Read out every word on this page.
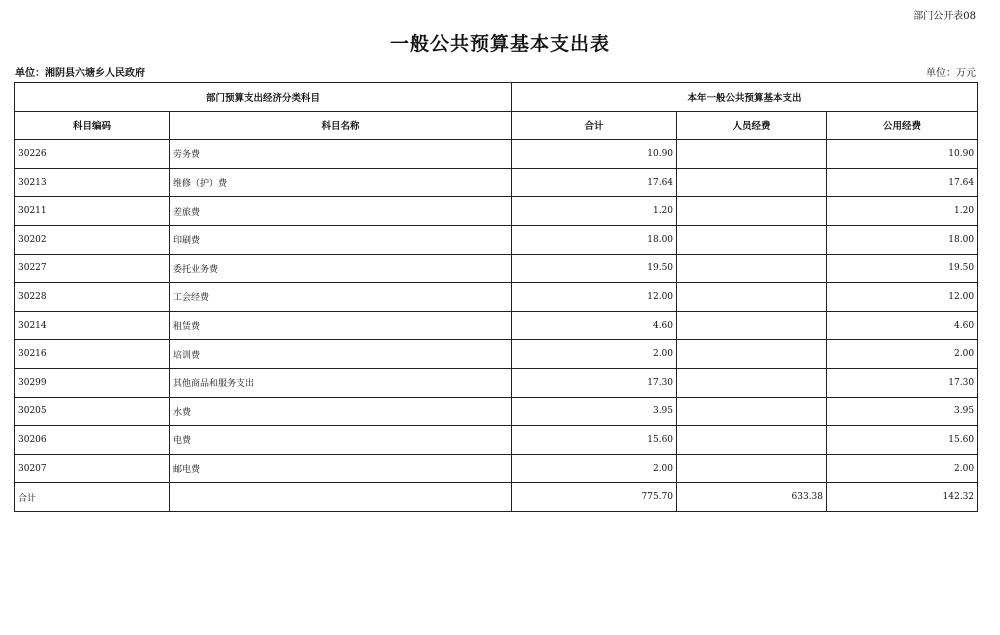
部门公开表08
一般公共预算基本支出表
单位：湘阴县六塘乡人民政府	单位：万元
部门预算支出经济分类科目		本年一般公共预算基本支出		
科目编码	科目名称	合计	人员经费	公用经费
30226	劳务费	10.90		10.90
30213	维修（护）费	17.64		17.64
30211	差旅费	1.20		1.20
30202	印刷费	18.00		18.00
30227	委托业务费	19.50		19.50
30228	工会经费	12.00		12.00
30214	租赁费	4.60		4.60
30216	培训费	2.00		2.00
30299	其他商品和服务支出	17.30		17.30
30205	水费	3.95		3.95
30206	电费	15.60		15.60
30207	邮电费	2.00		2.00
合计		775.70	633.38	142.32
